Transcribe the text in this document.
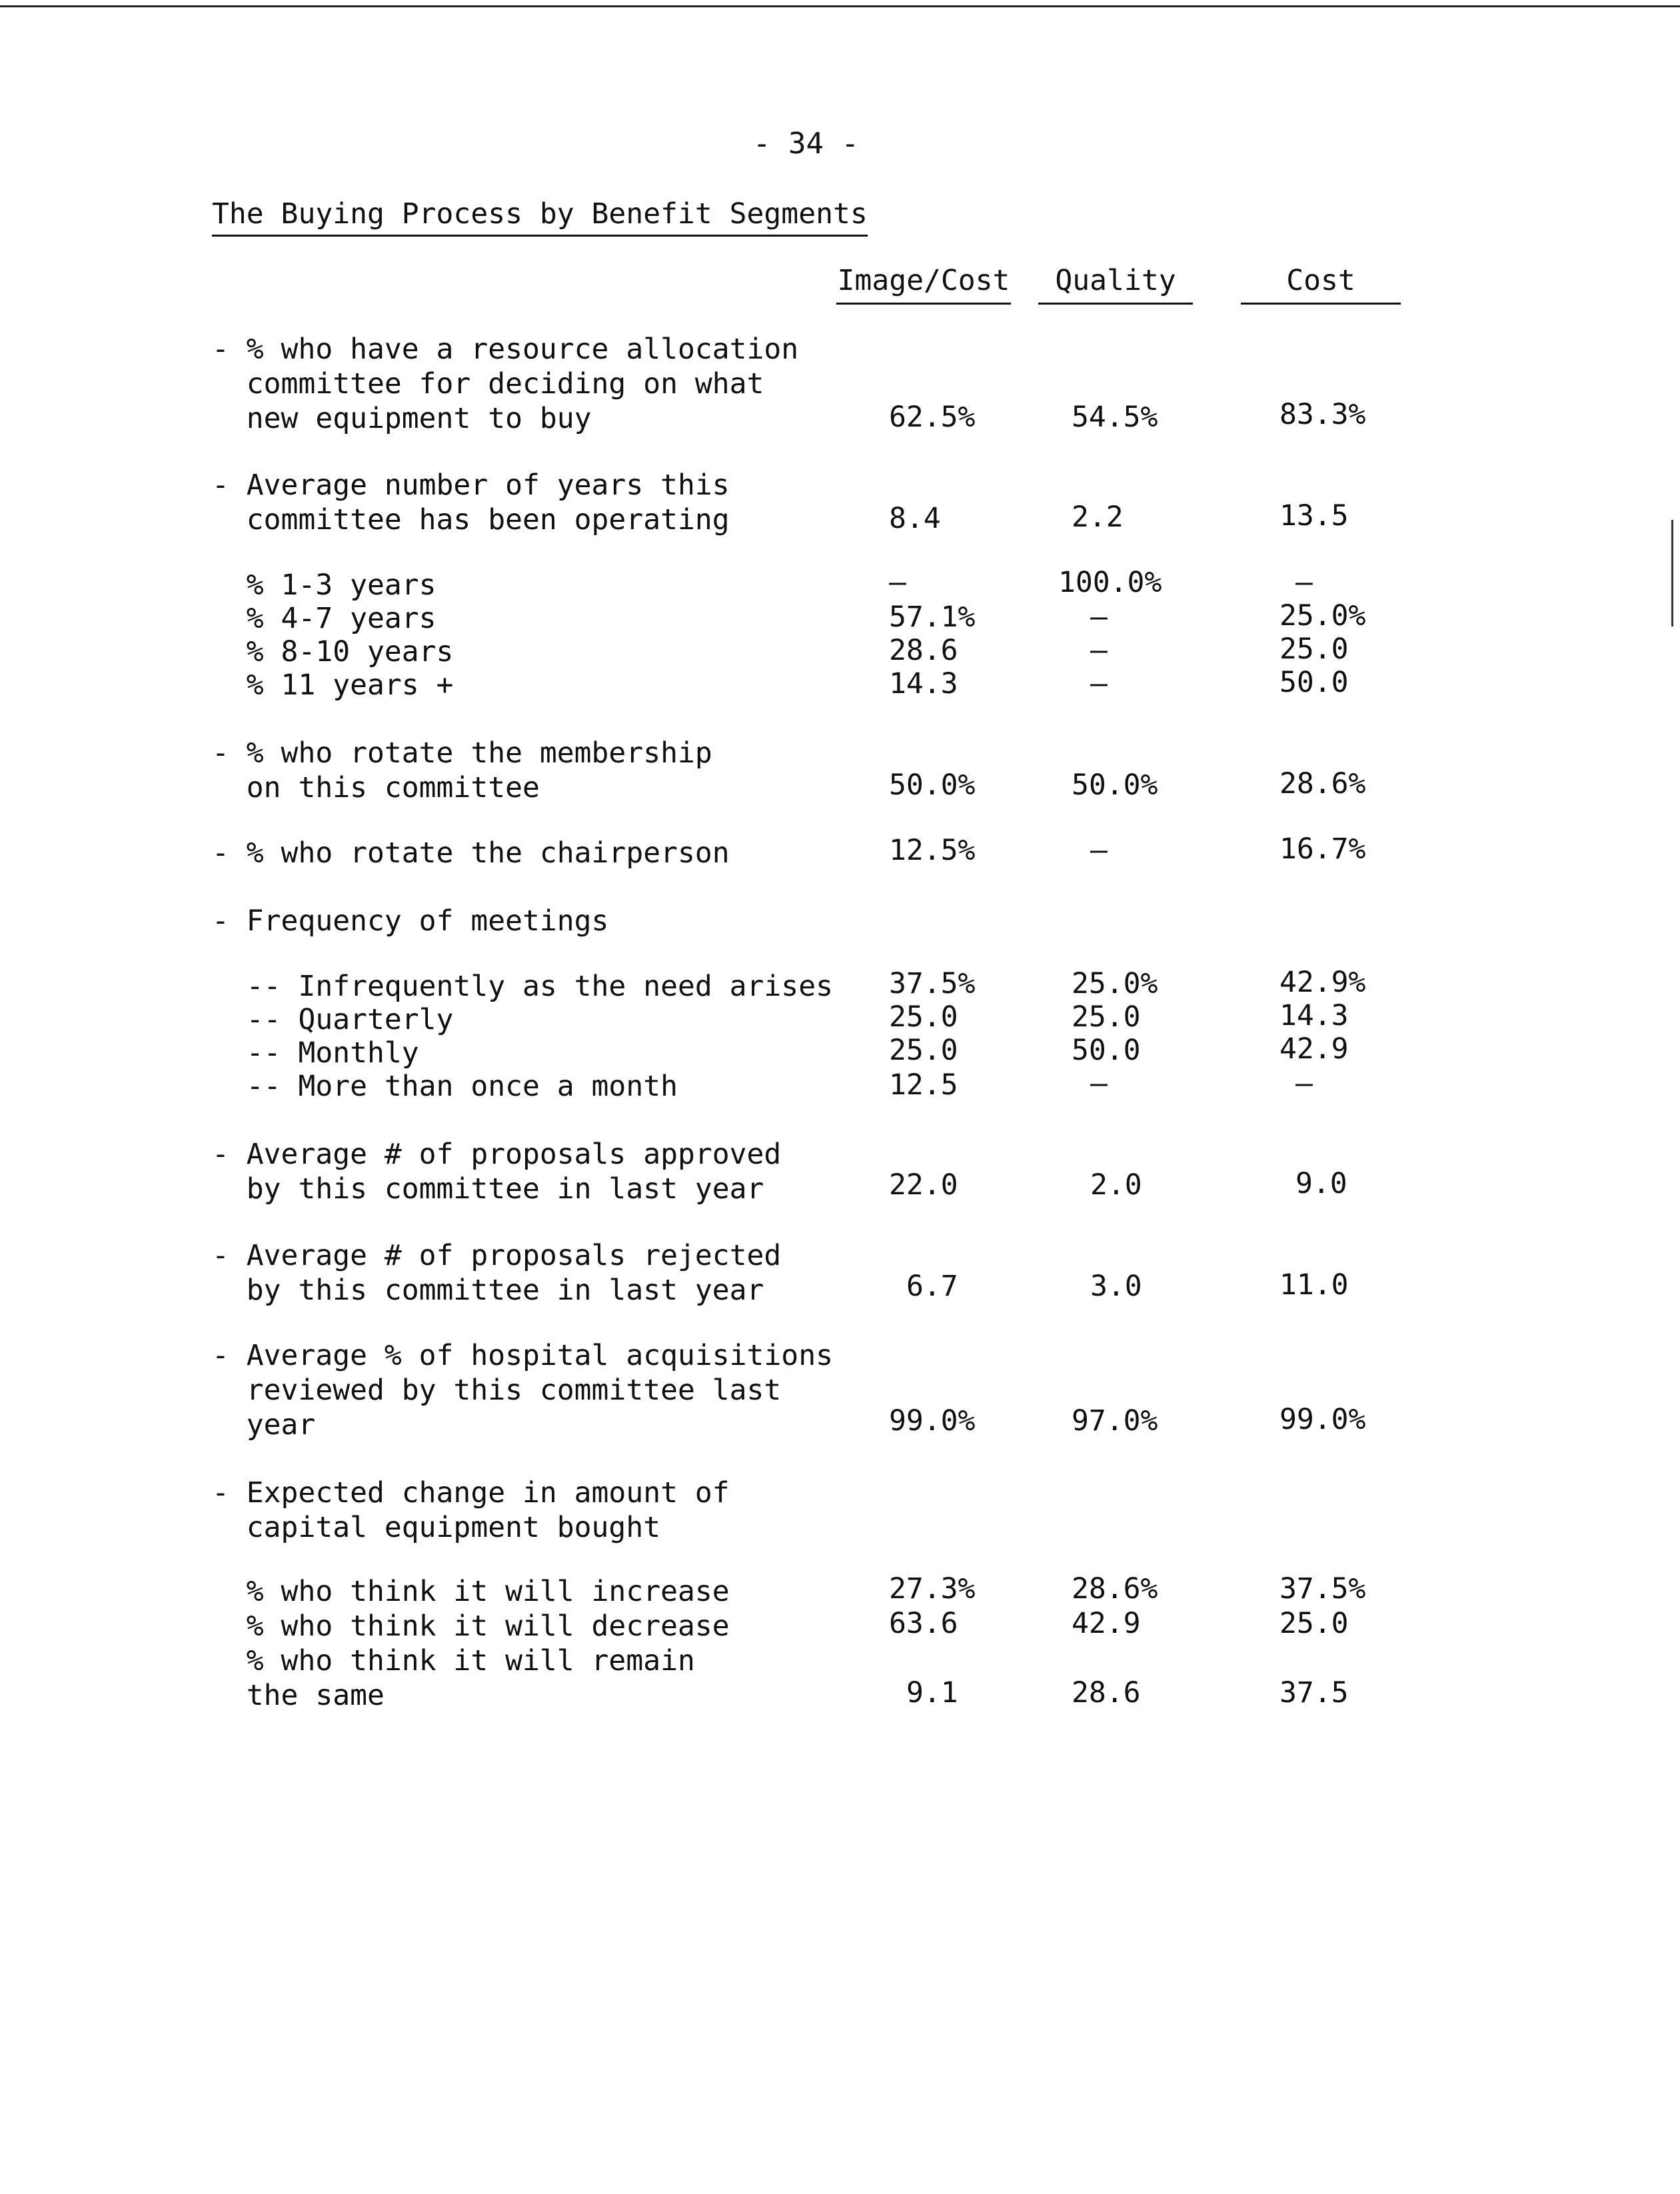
- 34 -
The Buying Process by Benefit Segments
Image/Cost	Quality	Cost
- % who have a resource allocation
committee for deciding on what
new equipment to buy	62.5%	54.5%	83.3%
- Average number of years this
committee has been operating	8.4	2.2	13.5
% 1-3 years	—	100.0%	—
% 4-7 years	57.1%	—	25.0%
% 8-10 years	28.6	—	25.0
% 11 years +	14.3	—	50.0
- % who rotate the membership
on this committee	50.0%	50.0%	28.6%
- % who rotate the chairperson	12.5%	—	16.7%
- Frequency of meetings
-- Infrequently as the need arises 37.5%	25.0%	42.9%
-- Quarterly	25.0	25.0	14.3
-- Monthly	25.0	50.0	42.9
-- More than once a month	12.5	—	—
- Average # of proposals approved
by this committee in last year	22.0	2.0	9.0
- Average # of proposals rejected
by this committee in last year	6.7	3.0	11.0
- Average % of hospital acquisitions
reviewed by this committee last
year	99.0%	97.0%	99.0%
- Expected change in amount of
capital equipment bought
% who think it will increase	27.3%	28.6%	37.5%
% who think it will decrease	63.6	42.9	25.0
% who think it will remain
the same	9.1	28.6	37.5
